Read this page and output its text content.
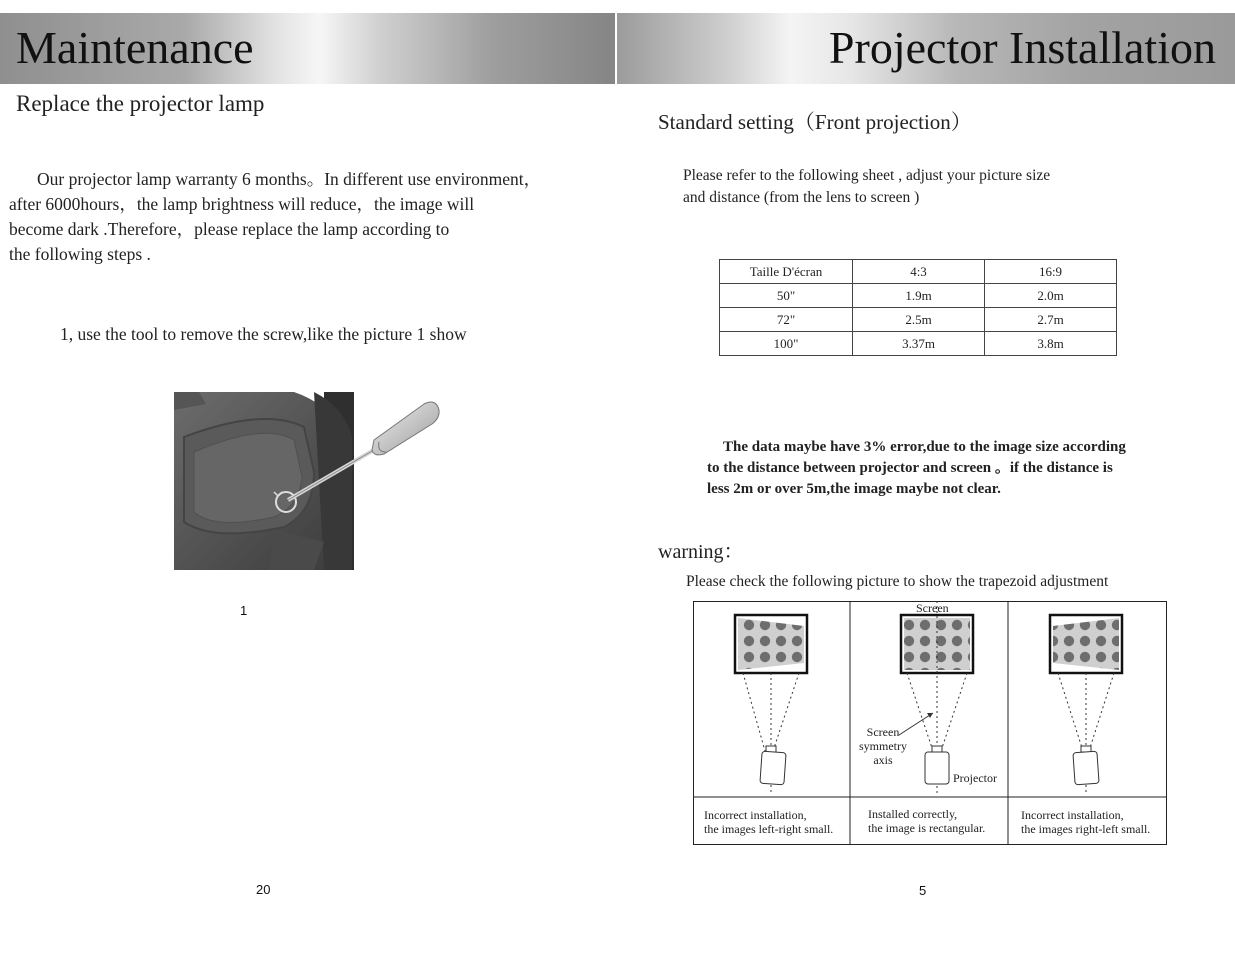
Maintenance
Replace the projector lamp
Our projector lamp warranty 6 months。In different use environment，
after 6000hours，the lamp brightness will reduce，the image will
become dark .Therefore，please replace the lamp according to
the following steps .
1, use the tool to remove the screw,like the picture 1 show
1
20
Projector Installation
Standard setting（Front projection）
Please refer to the following sheet , adjust your picture size
and distance (from the lens to screen )
Taille D'écran	4:3	16:9
50"	1.9m	2.0m
72"	2.5m	2.7m
100"	3.37m	3.8m
The data maybe have 3% error,due to the image size according
to the distance between projector and screen 。if the distance is
less 2m or over 5m,the image maybe not clear.
warning：
Please check the following picture to show the trapezoid adjustment
Screen
Screen
symmetry
axis
Projector
Incorrect installation,
the images left-right small.
Installed correctly,
the image is rectangular.
Incorrect installation,
the images right-left small.
5
